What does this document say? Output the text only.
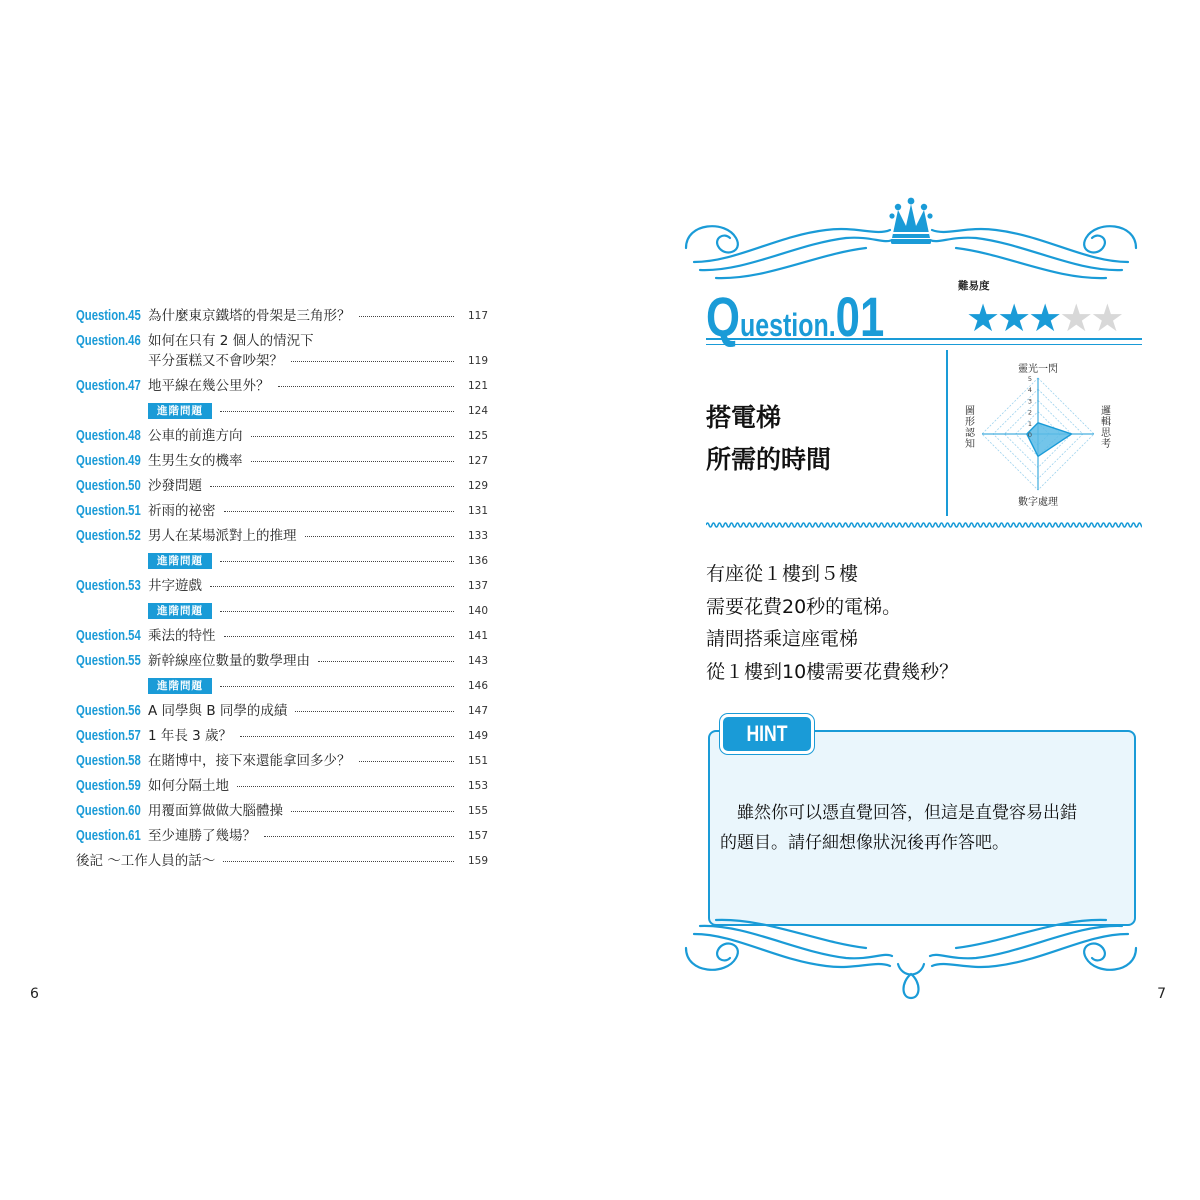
Question.45 為什麼東京鐵塔的骨架是三角形？	117
Question.46 如何在只有 2 個人的情況下
平分蛋糕又不會吵架？	119
Question.47 地平線在幾公里外？	121
進階問題	124
Question.48 公車的前進方向	125
Question.49 生男生女的機率	127
Question.50 沙發問題	129
Question.51 祈雨的祕密	131
Question.52 男人在某場派對上的推理	133
進階問題	136
Question.53 井字遊戲	137
進階問題	140
Question.54 乘法的特性	141
Question.55 新幹線座位數量的數學理由	143
進階問題	146
Question.56 A 同學與 B 同學的成績	147
Question.57 1 年長 3 歲？	149
Question.58 在賭博中，接下來還能拿回多少？	151
Question.59 如何分隔土地	153
Question.60 用覆面算做做大腦體操	155
Question.61 至少連勝了幾場？	157
後記 ～工作人員的話～	159
6
Question.01	難易度
★★★★★
搭電梯
所需的時間
5
4
3
2
1
0
靈光一閃
數字處理
邏輯思考
圖形認知
有座從１樓到５樓
需要花費20秒的電梯。
請問搭乘這座電梯
從１樓到10樓需要花費幾秒？
HINT
　雖然你可以憑直覺回答，但這是直覺容易出錯
的題目。請仔細想像狀況後再作答吧。
7
